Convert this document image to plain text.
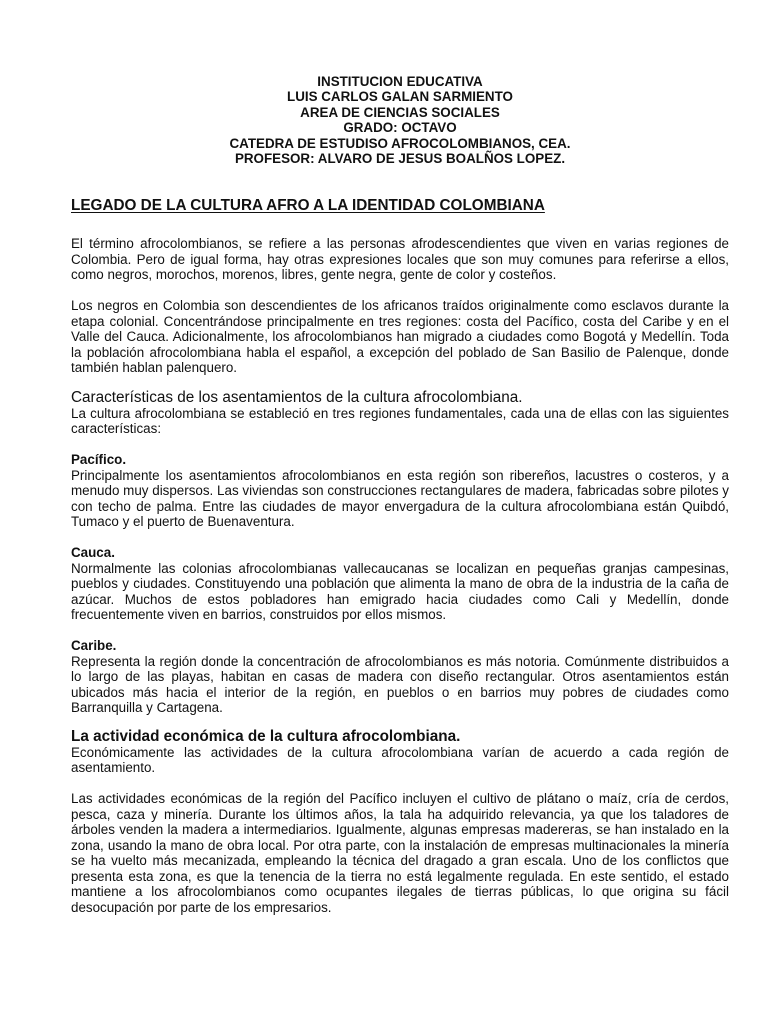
INSTITUCION EDUCATIVA
LUIS CARLOS GALAN SARMIENTO
AREA DE CIENCIAS SOCIALES
GRADO: OCTAVO
CATEDRA DE ESTUDISO AFROCOLOMBIANOS, CEA.
PROFESOR: ALVARO DE JESUS BOALÑOS LOPEZ.
LEGADO DE LA CULTURA AFRO A LA IDENTIDAD COLOMBIANA

El término afrocolombianos, se refiere a las personas afrodescendientes que viven en varias regiones de Colombia. Pero de igual forma, hay otras expresiones locales que son muy comunes para referirse a ellos, como negros, morochos, morenos, libres, gente negra, gente de color y costeños.

Los negros en Colombia son descendientes de los africanos traídos originalmente como esclavos durante la etapa colonial. Concentrándose principalmente en tres regiones: costa del Pacífico, costa del Caribe y en el Valle del Cauca. Adicionalmente, los afrocolombianos han migrado a ciudades como Bogotá y Medellín. Toda la población afrocolombiana habla el español, a excepción del poblado de San Basilio de Palenque, donde también hablan palenquero.

Características de los asentamientos de la cultura afrocolombiana.

La cultura afrocolombiana se estableció en tres regiones fundamentales, cada una de ellas con las siguientes características:

Pacífico.

Principalmente los asentamientos afrocolombianos en esta región son ribereños, lacustres o costeros, y a menudo muy dispersos. Las viviendas son construcciones rectangulares de madera, fabricadas sobre pilotes y con techo de palma. Entre las ciudades de mayor envergadura de la cultura afrocolombiana están Quibdó, Tumaco y el puerto de Buenaventura.

Cauca.

Normalmente las colonias afrocolombianas vallecaucanas se localizan en pequeñas granjas campesinas, pueblos y ciudades. Constituyendo una población que alimenta la mano de obra de la industria de la caña de azúcar. Muchos de estos pobladores han emigrado hacia ciudades como Cali y Medellín, donde frecuentemente viven en barrios, construidos por ellos mismos.

Caribe.

Representa la región donde la concentración de afrocolombianos es más notoria. Comúnmente distribuidos a lo largo de las playas, habitan en casas de madera con diseño rectangular. Otros asentamientos están ubicados más hacia el interior de la región, en pueblos o en barrios muy pobres de ciudades como Barranquilla y Cartagena.

La actividad económica de la cultura afrocolombiana.

Económicamente las actividades de la cultura afrocolombiana varían de acuerdo a cada región de asentamiento.

Las actividades económicas de la región del Pacífico incluyen el cultivo de plátano o maíz, cría de cerdos, pesca, caza y minería. Durante los últimos años, la tala ha adquirido relevancia, ya que los taladores de árboles venden la madera a intermediarios. Igualmente, algunas empresas madereras, se han instalado en la zona, usando la mano de obra local. Por otra parte, con la instalación de empresas multinacionales la minería se ha vuelto más mecanizada, empleando la técnica del dragado a gran escala. Uno de los conflictos que presenta esta zona, es que la tenencia de la tierra no está legalmente regulada. En este sentido, el estado mantiene a los afrocolombianos como ocupantes ilegales de tierras públicas, lo que origina su fácil desocupación por parte de los empresarios.
